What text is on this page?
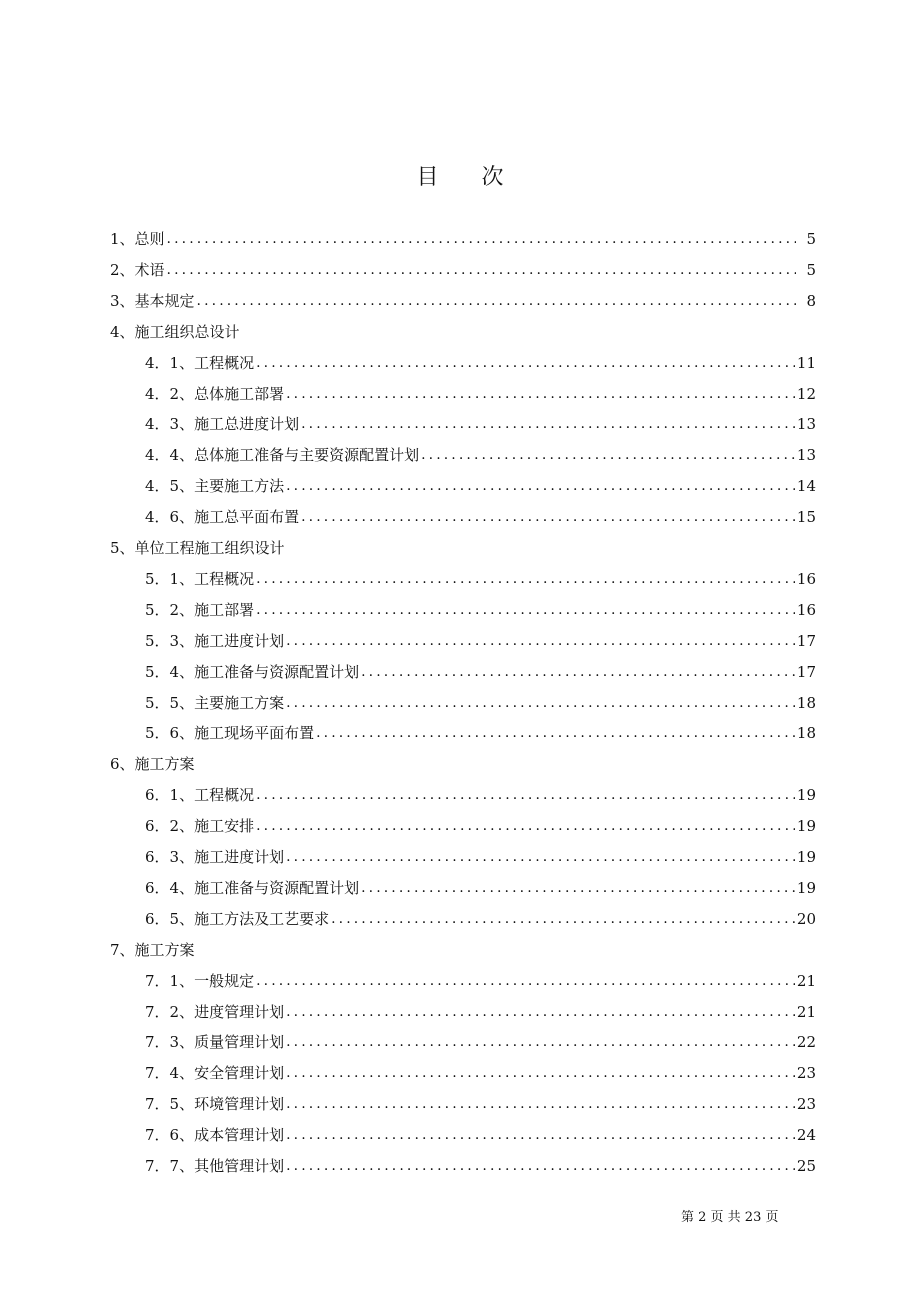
目 次
1、总则 .....	5
2、术语 .....	5
3、基本规定 .....	8
4、施工组织总设计
4．1、工程概况 .....	11
4．2、总体施工部署 .....	12
4．3、施工总进度计划 .....	13
4．4、总体施工准备与主要资源配置计划 .....	13
4．5、主要施工方法 .....	14
4．6、施工总平面布置 .....	15
5、单位工程施工组织设计
5．1、工程概况 .....	16
5．2、施工部署 .....	16
5．3、施工进度计划 .....	17
5．4、施工准备与资源配置计划 .....	17
5．5、主要施工方案 .....	18
5．6、施工现场平面布置 .....	18
6、施工方案
6．1、工程概况 .....	19
6．2、施工安排 .....	19
6．3、施工进度计划 .....	19
6．4、施工准备与资源配置计划 .....	19
6．5、施工方法及工艺要求 .....	20
7、施工方案
7．1、一般规定 .....	21
7．2、进度管理计划 .....	21
7．3、质量管理计划 .....	22
7．4、安全管理计划 .....	23
7．5、环境管理计划 .....	23
7．6、成本管理计划 .....	24
7．7、其他管理计划 .....	25
第 2 页 共 23 页
